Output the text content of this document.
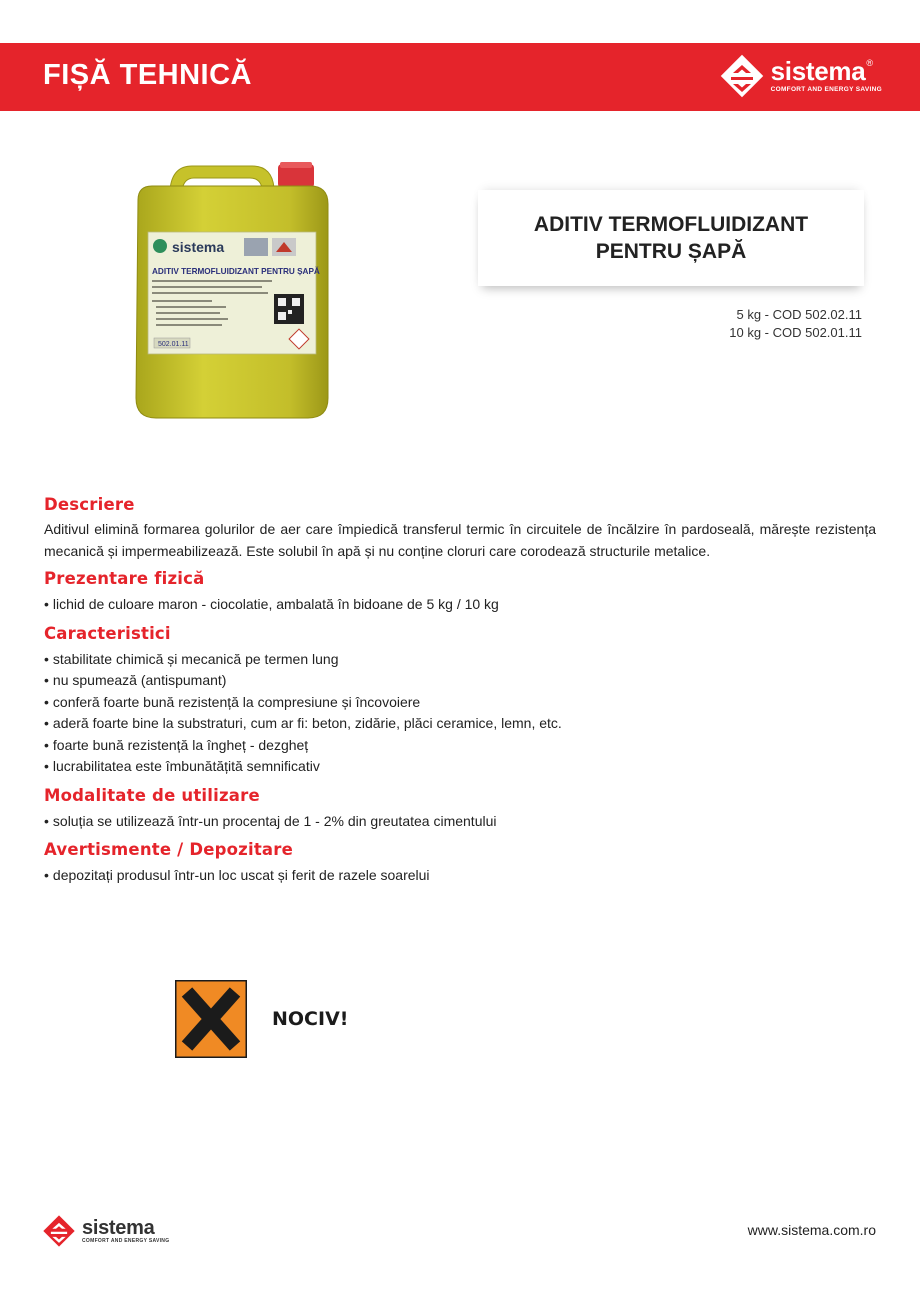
FIȘĂ TEHNICĂ	sistema®
COMFORT AND ENERGY SAVING
sistema
ADITIV TERMOFLUIDIZANT PENTRU ȘAPĂ
502.01.11
ADITIV TERMOFLUIDIZANT
PENTRU ȘAPĂ
5 kg - COD 502.02.11
10 kg - COD 502.01.11
Descriere

Aditivul elimină formarea golurilor de aer care împiedică transferul termic în circuitele de încălzire în pardoseală, mărește rezistența mecanică și impermeabilizează. Este solubil în apă și nu conține cloruri care corodează structurile metalice.

Prezentare fizică
• lichid de culoare maron - ciocolatie, ambalată în bidoane de 5 kg / 10 kg
Caracteristici
• stabilitate chimică și mecanică pe termen lung
• nu spumează (antispumant)
• conferă foarte bună rezistență la compresiune și încovoiere
• aderă foarte bine la substraturi, cum ar fi: beton, zidărie, plăci ceramice, lemn, etc.
• foarte bună rezistență la îngheț - dezgheț
• lucrabilitatea este îmbunătățită semnificativ
Modalitate de utilizare
• soluția se utilizează într-un procentaj de 1 - 2% din greutatea cimentului
Avertismente / Depozitare
• depozitați produsul într-un loc uscat și ferit de razele soarelui
NOCIV!
sistema
COMFORT AND ENERGY SAVING
www.sistema.com.ro
